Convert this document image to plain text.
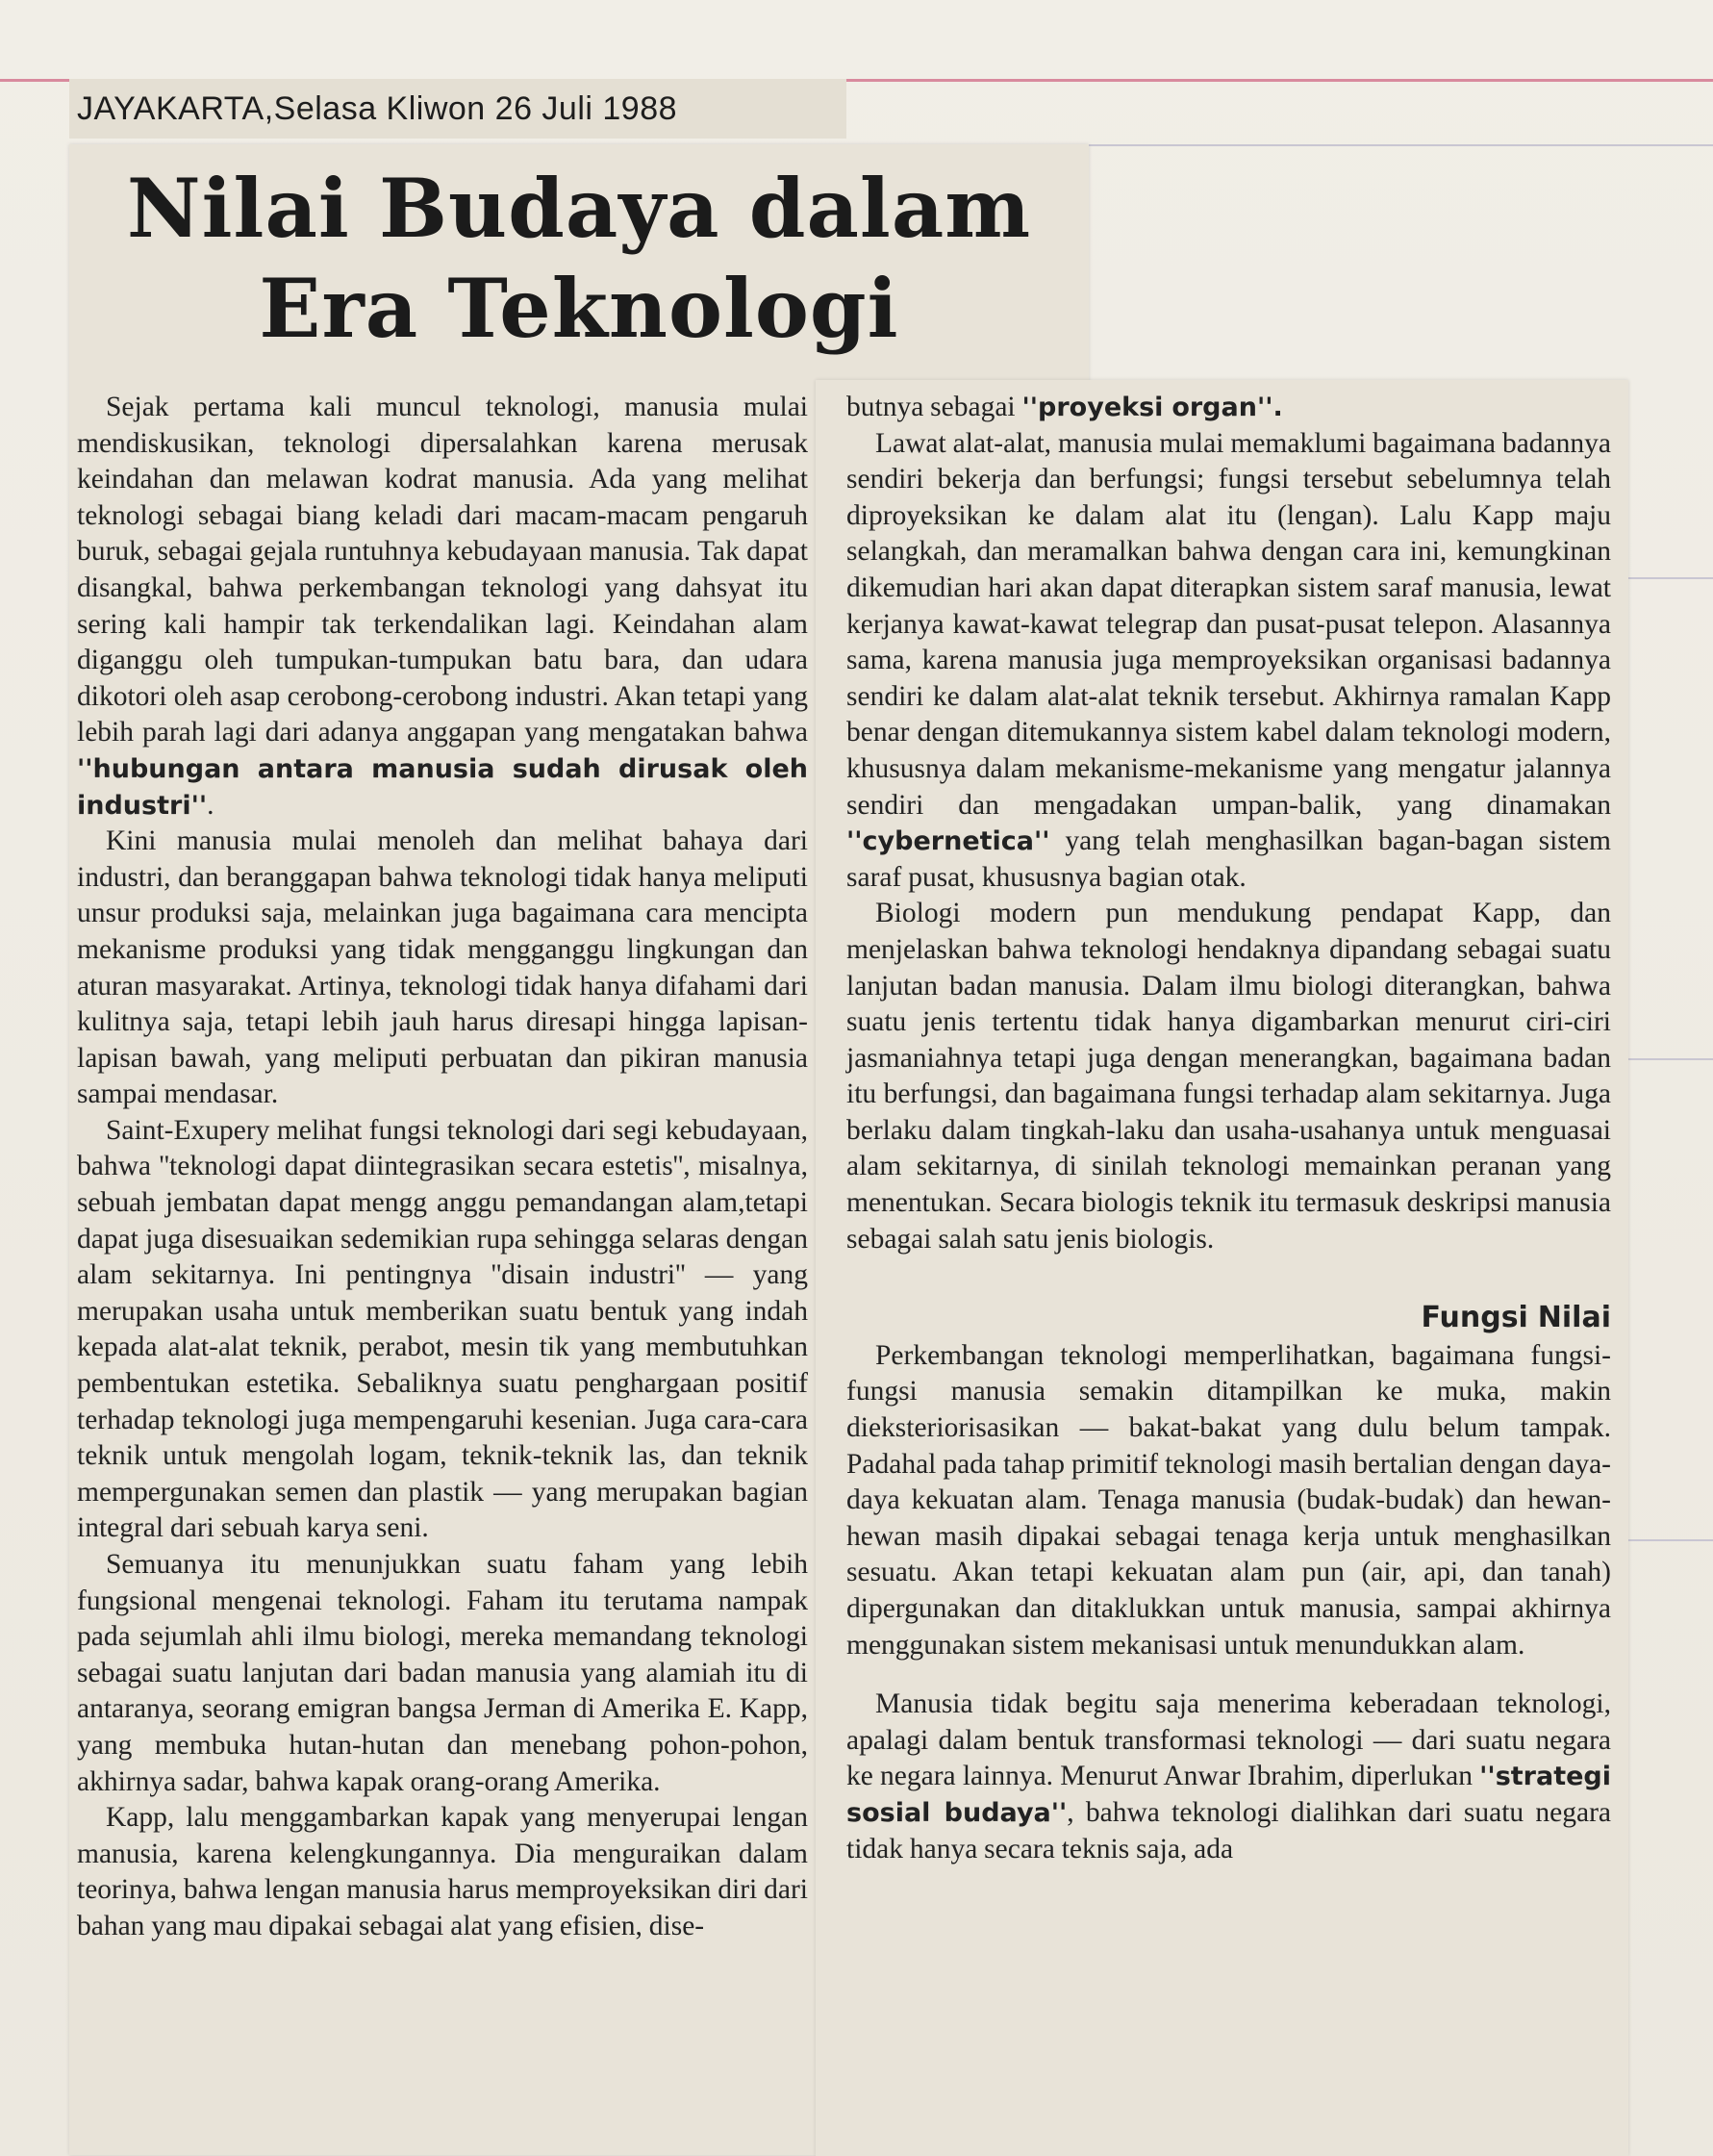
JAYAKARTA,Selasa Kliwon 26 Juli 1988
Nilai Budaya dalam
Era Teknologi

Sejak pertama kali muncul teknologi, manusia mulai mendiskusikan, teknologi dipersalahkan karena merusak keindahan dan melawan kodrat manusia. Ada yang melihat teknologi sebagai biang keladi dari macam-macam pengaruh buruk, sebagai gejala runtuhnya kebudayaan manusia. Tak dapat disangkal, bahwa perkembangan teknologi yang dahsyat itu sering kali hampir tak terkendalikan lagi. Keindahan alam diganggu oleh tumpukan-tumpukan batu bara, dan udara dikotori oleh asap cerobong-cerobong industri. Akan tetapi yang lebih parah lagi dari adanya anggapan yang mengatakan bahwa ''hubungan antara manusia sudah dirusak oleh industri''.

Kini manusia mulai menoleh dan melihat bahaya dari industri, dan beranggapan bahwa teknologi tidak hanya meliputi unsur produksi saja, melainkan juga bagaimana cara mencipta mekanisme produksi yang tidak mengganggu lingkungan dan aturan masyarakat. Artinya, teknologi tidak hanya difahami dari kulitnya saja, tetapi lebih jauh harus diresapi hingga lapisan-lapisan bawah, yang meliputi perbuatan dan pikiran manusia sampai mendasar.

Saint-Exupery melihat fungsi teknologi dari segi kebudayaan, bahwa ''teknologi dapat diintegrasikan secara estetis'', misalnya, sebuah jembatan dapat mengg anggu pemandangan alam,tetapi dapat juga disesuaikan sedemikian rupa sehingga selaras dengan alam sekitarnya. Ini pentingnya ''disain industri'' — yang merupakan usaha untuk memberikan suatu bentuk yang indah kepada alat-alat teknik, perabot, mesin tik yang membutuhkan pembentukan estetika. Sebaliknya suatu penghargaan positif terhadap teknologi juga mempengaruhi kesenian. Juga cara-cara teknik untuk mengolah logam, teknik-teknik las, dan teknik mempergunakan semen dan plastik — yang merupakan bagian integral dari sebuah karya seni.

Semuanya itu menunjukkan suatu faham yang lebih fungsional mengenai teknologi. Faham itu terutama nampak pada sejumlah ahli ilmu biologi, mereka memandang teknologi sebagai suatu lanjutan dari badan manusia yang alamiah itu di antaranya, seorang emigran bangsa Jerman di Amerika E. Kapp, yang membuka hutan-hutan dan menebang pohon-pohon, akhirnya sadar, bahwa kapak orang-orang Amerika.

Kapp, lalu menggambarkan kapak yang menyerupai lengan manusia, karena kelengkungannya. Dia menguraikan dalam teorinya, bahwa lengan manusia harus memproyeksikan diri dari bahan yang mau dipakai sebagai alat yang efisien, dise-

butnya sebagai ''proyeksi organ''.

Lawat alat-alat, manusia mulai memaklumi bagaimana badannya sendiri bekerja dan berfungsi; fungsi tersebut sebelumnya telah diproyeksikan ke dalam alat itu (lengan). Lalu Kapp maju selangkah, dan meramalkan bahwa dengan cara ini, kemungkinan dikemudian hari akan dapat diterapkan sistem saraf manusia, lewat kerjanya kawat-kawat telegrap dan pusat-pusat telepon. Alasannya sama, karena manusia juga memproyeksikan organisasi badannya sendiri ke dalam alat-alat teknik tersebut. Akhirnya ramalan Kapp benar dengan ditemukannya sistem kabel dalam teknologi modern, khususnya dalam mekanisme-mekanisme yang mengatur jalannya sendiri dan mengadakan umpan-balik, yang dinamakan ''cybernetica'' yang telah menghasilkan bagan-bagan sistem saraf pusat, khususnya bagian otak.

Biologi modern pun mendukung pendapat Kapp, dan menjelaskan bahwa teknologi hendaknya dipandang sebagai suatu lanjutan badan manusia. Dalam ilmu biologi diterangkan, bahwa suatu jenis tertentu tidak hanya digambarkan menurut ciri-ciri jasmaniahnya tetapi juga dengan menerangkan, bagaimana badan itu berfungsi, dan bagaimana fungsi terhadap alam sekitarnya. Juga berlaku dalam tingkah-laku dan usaha-usahanya untuk menguasai alam sekitarnya, di sinilah teknologi memainkan peranan yang menentukan. Secara biologis teknik itu termasuk deskripsi manusia sebagai salah satu jenis biologis.

Fungsi Nilai

Perkembangan teknologi memperlihatkan, bagaimana fungsi-fungsi manusia semakin ditampilkan ke muka, makin dieksteriorisasikan — bakat-bakat yang dulu belum tampak. Padahal pada tahap primitif teknologi masih bertalian dengan daya-daya kekuatan alam. Tenaga manusia (budak-budak) dan hewan-hewan masih dipakai sebagai tenaga kerja untuk menghasilkan sesuatu. Akan tetapi kekuatan alam pun (air, api, dan tanah) dipergunakan dan ditaklukkan untuk manusia, sampai akhirnya menggunakan sistem mekanisasi untuk menundukkan alam.

Manusia tidak begitu saja menerima keberadaan teknologi, apalagi dalam bentuk transformasi teknologi — dari suatu negara ke negara lainnya. Menurut Anwar Ibrahim, diperlukan ''strategi sosial budaya'', bahwa teknologi dialihkan dari suatu negara tidak hanya secara teknis saja, ada
